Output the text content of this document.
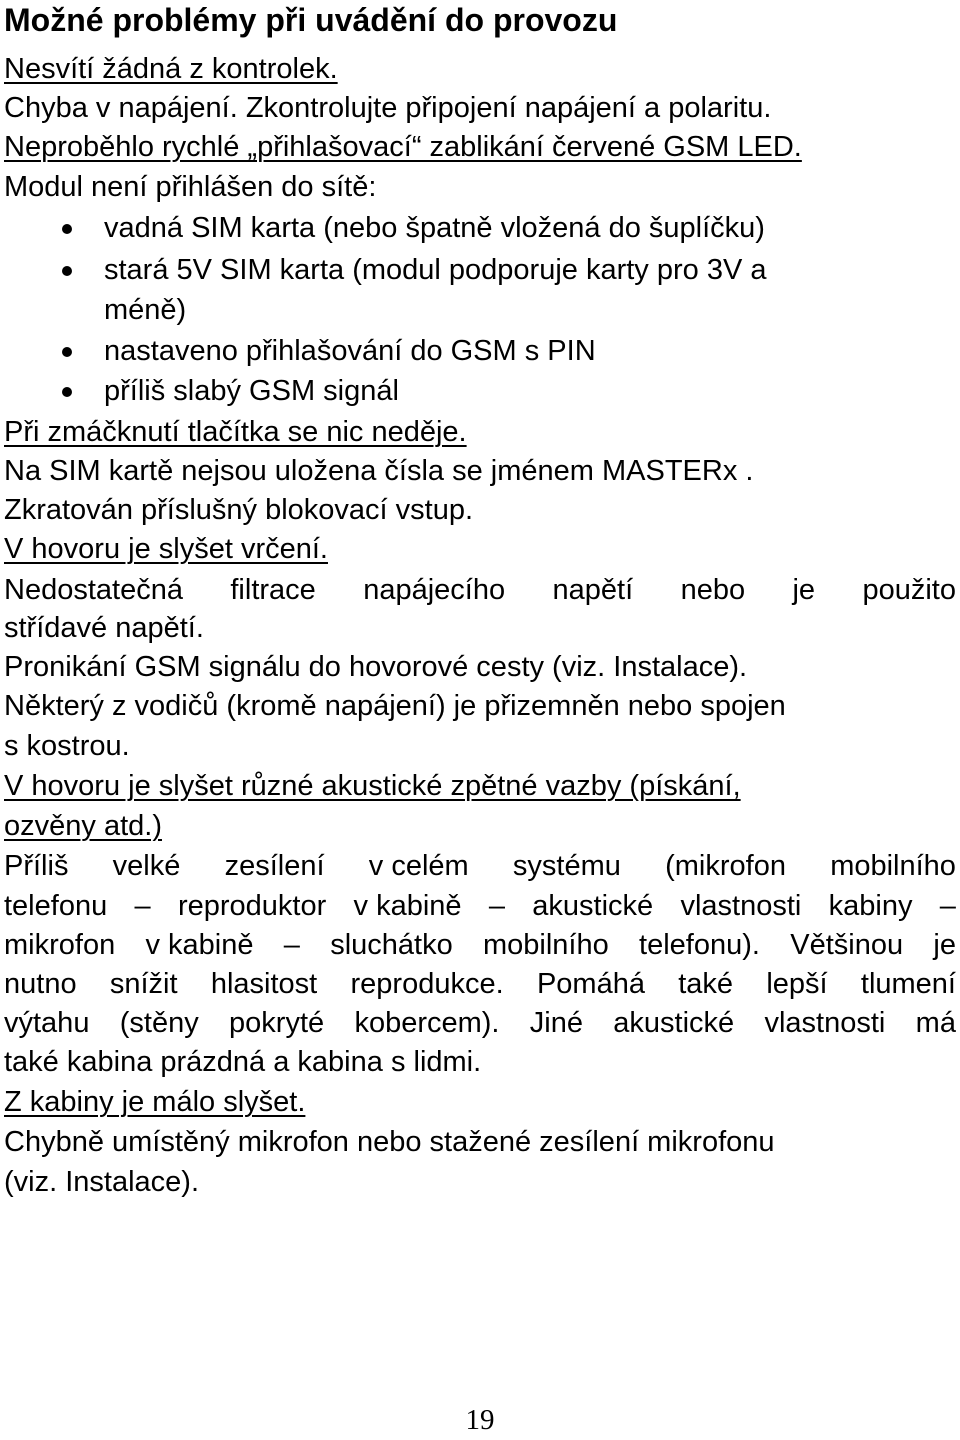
Možné problémy při uvádění do provozu
Nesvítí žádná z kontrolek.
Chyba v napájení. Zkontrolujte připojení napájení a polaritu.
Neproběhlo rychlé „přihlašovací“ zablikání červené GSM LED.
Modul není přihlášen do sítě:
vadná SIM karta (nebo špatně vložená do šuplíčku)
stará 5V SIM karta (modul podporuje karty pro 3V a
méně)
nastaveno přihlašování do GSM s PIN
příliš slabý GSM signál
Při zmáčknutí tlačítka se nic neděje.
Na SIM kartě nejsou uložena čísla se jménem MASTERx .
Zkratován příslušný blokovací vstup.
V hovoru je slyšet vrčení.
Nedostatečná filtrace napájecího napětí nebo je použito
střídavé napětí.
Pronikání GSM signálu do hovorové cesty (viz. Instalace).
Některý z vodičů (kromě napájení) je přizemněn nebo spojen
s kostrou.
V hovoru je slyšet různé akustické zpětné vazby (pískání,
ozvěny atd.)
Příliš velké zesílení v celém systému (mikrofon mobilního
telefonu – reproduktor v kabině – akustické vlastnosti kabiny –
mikrofon v kabině – sluchátko mobilního telefonu). Většinou je
nutno snížit hlasitost reprodukce. Pomáhá také lepší tlumení
výtahu (stěny pokryté kobercem). Jiné akustické vlastnosti má
také kabina prázdná a kabina s lidmi.
Z kabiny je málo slyšet.
Chybně umístěný mikrofon nebo stažené zesílení mikrofonu
(viz. Instalace).
19
